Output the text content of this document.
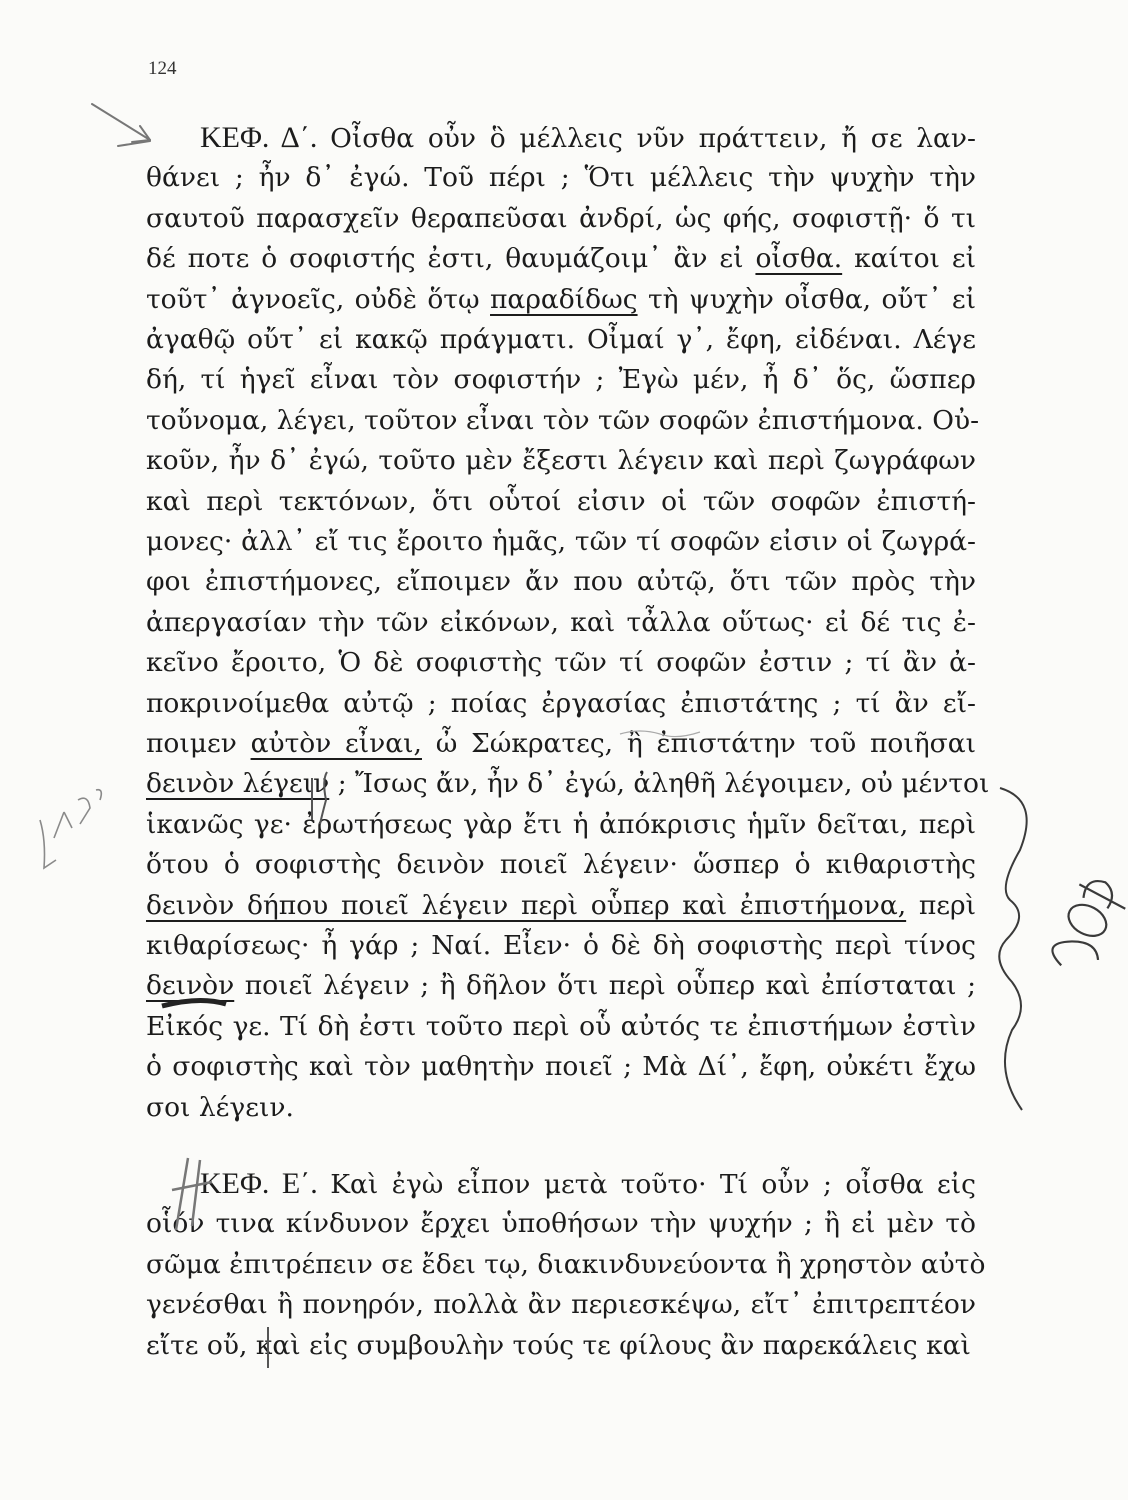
124
ΚΕΦ. Δ΄. Οἶσθα οὖν ὃ μέλλεις νῦν πράττειν, ἤ σε λαν-
θάνει ; ἦν δ᾽ ἐγώ. Τοῦ πέρι ; Ὅτι μέλλεις τὴν ψυχὴν τὴν
σαυτοῦ παρασχεῖν θεραπεῦσαι ἀνδρί, ὡς φής, σοφιστῇ· ὅ τι
δέ ποτε ὁ σοφιστής ἐστι, θαυμάζοιμ᾽ ἂν εἰ οἶσθα. καίτοι εἰ
τοῦτ᾽ ἀγνοεῖς, οὐδὲ ὅτῳ παραδίδως τὴ ψυχὴν οἶσθα, οὔτ᾽ εἰ
ἀγαθῷ οὔτ᾽ εἰ κακῷ πράγματι. Οἶμαί γ᾽, ἔφη, εἰδέναι. Λέγε
δή, τί ἡγεῖ εἶναι τὸν σοφιστήν ; Ἐγὼ μέν, ἦ δ᾽ ὅς, ὥσπερ
τοὔνομα, λέγει, τοῦτον εἶναι τὸν τῶν σοφῶν ἐπιστήμονα. Οὐ-
κοῦν, ἦν δ᾽ ἐγώ, τοῦτο μὲν ἔξεστι λέγειν καὶ περὶ ζωγράφων
καὶ περὶ τεκτόνων, ὅτι οὗτοί εἰσιν οἱ τῶν σοφῶν ἐπιστή-
μονες· ἀλλ᾽ εἴ τις ἔροιτο ἡμᾶς, τῶν τί σοφῶν εἰσιν οἱ ζωγρά-
φοι ἐπιστήμονες, εἴποιμεν ἄν που αὐτῷ, ὅτι τῶν πρὸς τὴν
ἀπεργασίαν τὴν τῶν εἰκόνων, καὶ τἆλλα οὕτως· εἰ δέ τις ἐ-
κεῖνο ἔροιτο, Ὁ δὲ σοφιστὴς τῶν τί σοφῶν ἐστιν ; τί ἂν ἀ-
ποκρινοίμεθα αὐτῷ ; ποίας ἐργασίας ἐπιστάτης ; τί ἂν εἴ-
ποιμεν αὐτὸν εἶναι, ὦ Σώκρατες, ἢ ἐπιστάτην τοῦ ποιῆσαι
δεινὸν λέγειν ; Ἴσως ἄν, ἦν δ᾽ ἐγώ, ἀληθῆ λέγοιμεν, οὐ μέντοι
ἱκανῶς γε· ἐρωτήσεως γὰρ ἔτι ἡ ἀπόκρισις ἡμῖν δεῖται, περὶ
ὅτου ὁ σοφιστὴς δεινὸν ποιεῖ λέγειν· ὥσπερ ὁ κιθαριστὴς
δεινὸν δήπου ποιεῖ λέγειν περὶ οὗπερ καὶ ἐπιστήμονα, περὶ
κιθαρίσεως· ἦ γάρ ; Ναί. Εἶεν· ὁ δὲ δὴ σοφιστὴς περὶ τίνος
δεινὸν ποιεῖ λέγειν ; ἢ δῆλον ὅτι περὶ οὗπερ καὶ ἐπίσταται ;
Εἰκός γε. Τί δὴ ἐστι τοῦτο περὶ οὗ αὐτός τε ἐπιστήμων ἐστὶν
ὁ σοφιστὴς καὶ τὸν μαθητὴν ποιεῖ ; Μὰ Δί᾽, ἔφη, οὐκέτι ἔχω
σοι λέγειν.
ΚΕΦ. Ε΄. Καὶ ἐγὼ εἶπον μετὰ τοῦτο· Τί οὖν ; οἶσθα εἰς
οἷόν τινα κίνδυνον ἔρχει ὑποθήσων τὴν ψυχήν ; ἢ εἰ μὲν τὸ
σῶμα ἐπιτρέπειν σε ἔδει τῳ, διακινδυνεύοντα ἢ χρηστὸν αὐτὸ
γενέσθαι ἢ πονηρόν, πολλὰ ἂν περιεσκέψω, εἴτ᾽ ἐπιτρεπτέον
εἴτε οὔ, καὶ εἰς συμβουλὴν τούς τε φίλους ἂν παρεκάλεις καὶ
